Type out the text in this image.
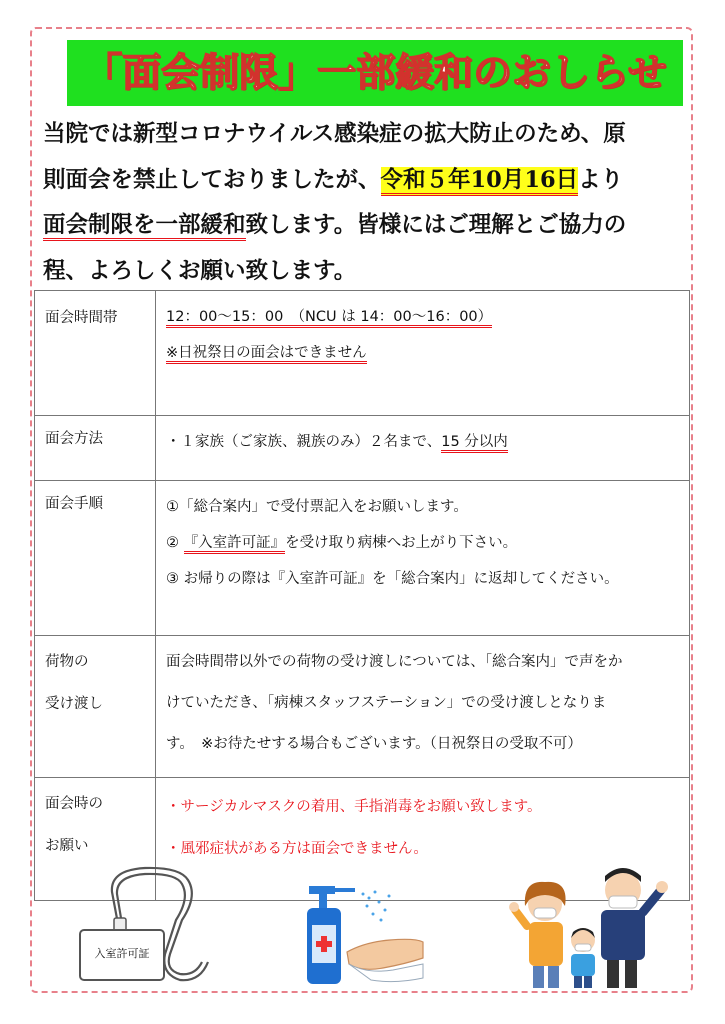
「面会制限」一部緩和のおしらせ

当院では新型コロナウイルス感染症の拡大防止のため、原

則面会を禁止しておりましたが、令和５年10月16日より

面会制限を一部緩和致します。皆様にはご理解とご協力の

程、よろしくお願い致します。

面会時間帯	12：00〜15：00　（NCU は 14：00〜16：00）
※日祝祭日の面会はできません

面会方法	・１家族（ご家族、親族のみ）２名まで、15 分以内

面会手順	①「総合案内」で受付票記入をお願いします。
② 『入室許可証』を受け取り病棟へお上がり下さい。
③ お帰りの際は『入室許可証』を「総合案内」に返却してください。

荷物の
受け渡し	面会時間帯以外での荷物の受け渡しについては、「総合案内」で声をか
けていただき、「病棟スタッフステーション」での受け渡しとなりま
す。　※お待たせする場合もございます。（日祝祭日の受取不可）

面会時の
お願い	・サージカルマスクの着用、手指消毒をお願い致します。
・風邪症状がある方は面会できません。
入室許可証
